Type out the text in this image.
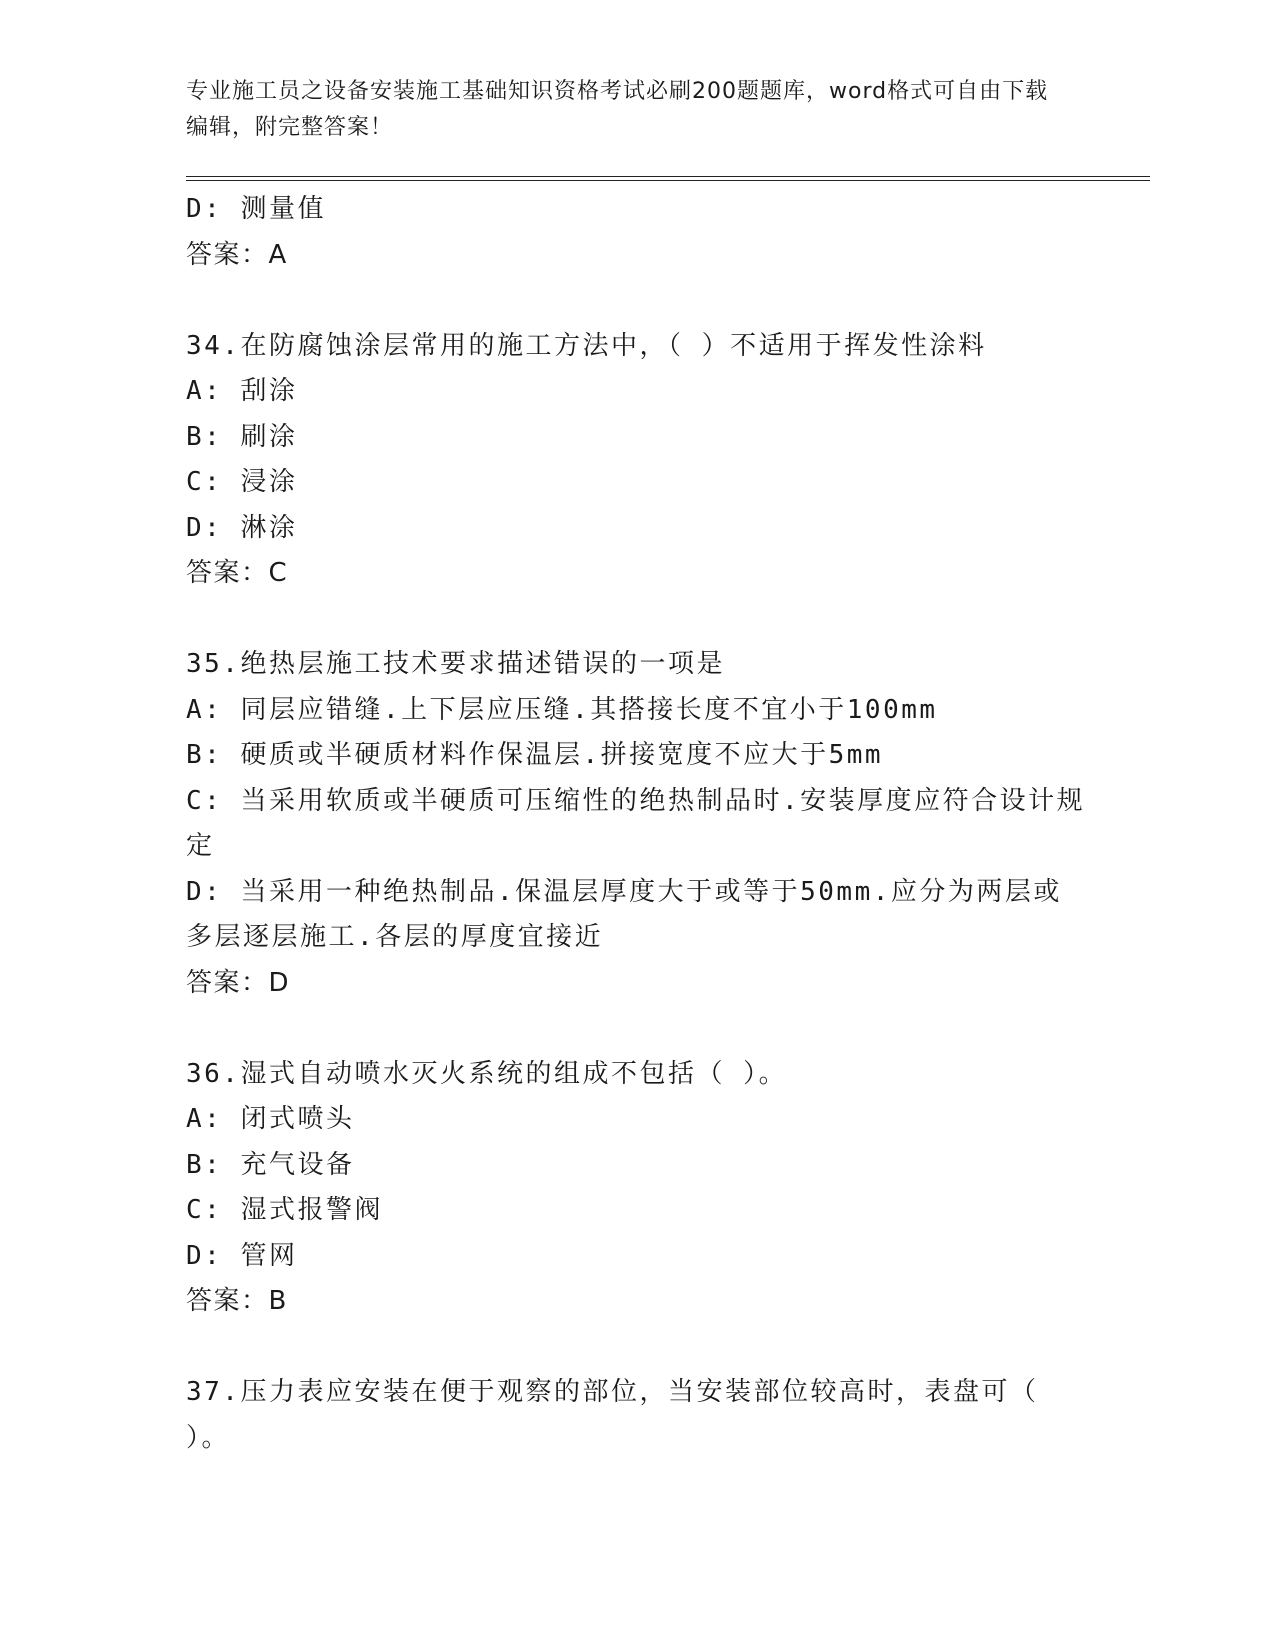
专业施工员之设备安装施工基础知识资格考试必刷200题题库，word格式可自由下载编辑，附完整答案！
D: 测量值
答案：A
34.在防腐蚀涂层常用的施工方法中，（ ）不适用于挥发性涂料
A: 刮涂
B: 刷涂
C: 浸涂
D: 淋涂
答案：C
35.绝热层施工技术要求描述错误的一项是
A: 同层应错缝.上下层应压缝.其搭接长度不宜小于100mm
B: 硬质或半硬质材料作保温层.拼接宽度不应大于5mm
C: 当采用软质或半硬质可压缩性的绝热制品时.安装厚度应符合设计规定
D: 当采用一种绝热制品.保温层厚度大于或等于50mm.应分为两层或多层逐层施工.各层的厚度宜接近
答案：D
36.湿式自动喷水灭火系统的组成不包括（ ）。
A: 闭式喷头
B: 充气设备
C: 湿式报警阀
D: 管网
答案：B
37.压力表应安装在便于观察的部位，当安装部位较高时，表盘可（ ）。
